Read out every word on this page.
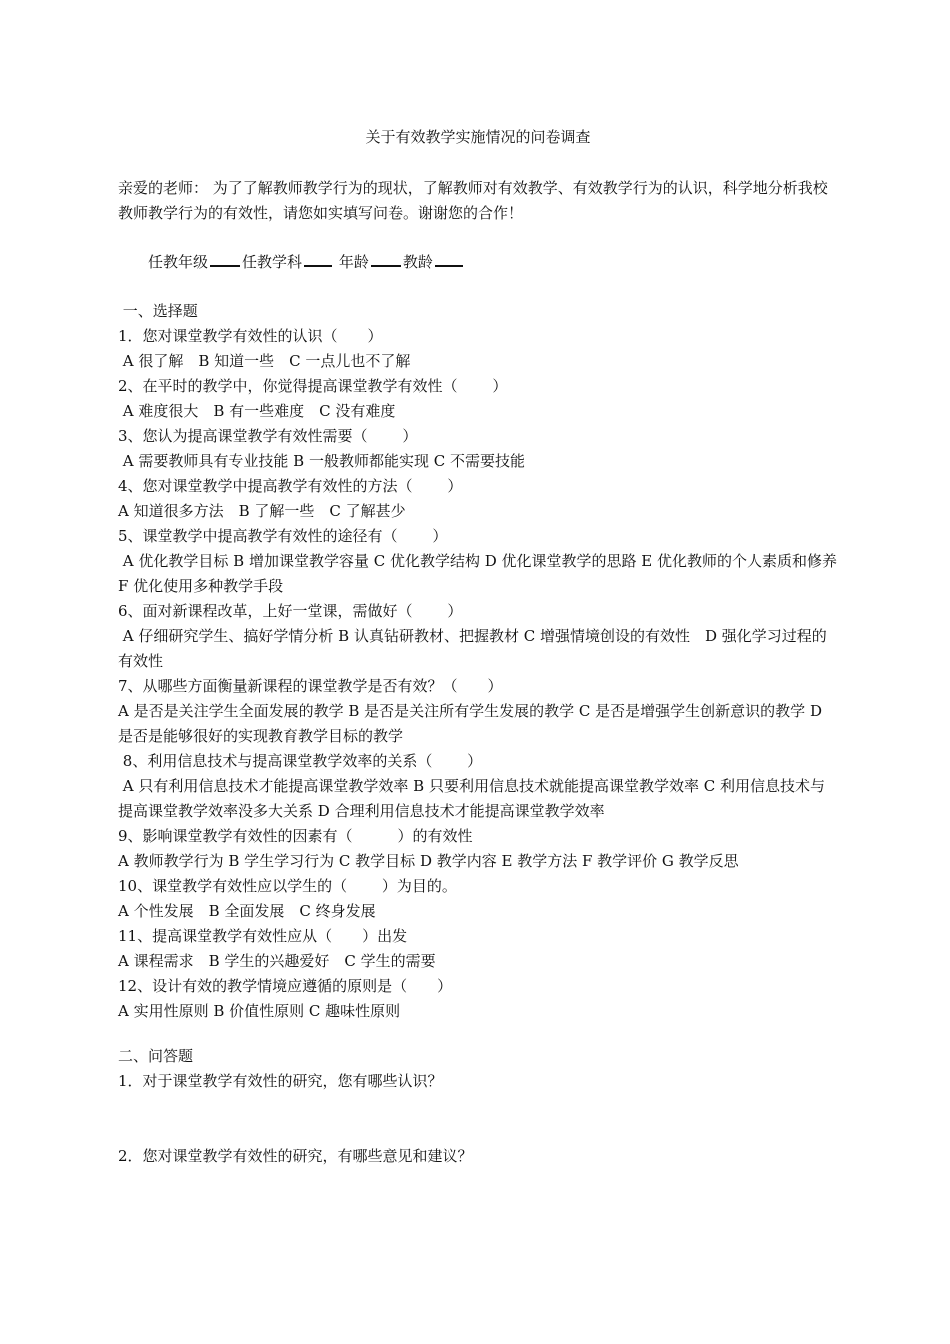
关于有效教学实施情况的问卷调查
亲爱的老师： 为了了解教师教学行为的现状，了解教师对有效教学、有效教学行为的认识，科学地分析我校教师教学行为的有效性，请您如实填写问卷。谢谢您的合作！
任教年级 任教学科 年龄 教龄
一、选择题
1．您对课堂教学有效性的认识（　　）
A 很了解　B 知道一些　C 一点儿也不了解
2、在平时的教学中，你觉得提高课堂教学有效性（　　 ）
A 难度很大　B 有一些难度　C 没有难度
3、您认为提高课堂教学有效性需要（　　 ）
A 需要教师具有专业技能 B 一般教师都能实现 C 不需要技能
4、您对课堂教学中提高教学有效性的方法（　　 ）
A 知道很多方法　B 了解一些　C 了解甚少
5、课堂教学中提高教学有效性的途径有（　　 ）
A 优化教学目标 B 增加课堂教学容量 C 优化教学结构 D 优化课堂教学的思路 E 优化教师的个人素质和修养 F 优化使用多种教学手段
6、面对新课程改革，上好一堂课，需做好（　　 ）
A 仔细研究学生、搞好学情分析 B 认真钻研教材、把握教材 C 增强情境创设的有效性　D 强化学习过程的有效性
7、从哪些方面衡量新课程的课堂教学是否有效？（　　）
A 是否是关注学生全面发展的教学 B 是否是关注所有学生发展的教学 C 是否是增强学生创新意识的教学 D 是否是能够很好的实现教育教学目标的教学
8、利用信息技术与提高课堂教学效率的关系（　　 ）
A 只有利用信息技术才能提高课堂教学效率 B 只要利用信息技术就能提高课堂教学效率 C 利用信息技术与提高课堂教学效率没多大关系 D 合理利用信息技术才能提高课堂教学效率
9、影响课堂教学有效性的因素有（　　　）的有效性
A 教师教学行为 B 学生学习行为 C 教学目标 D 教学内容 E 教学方法 F 教学评价 G 教学反思
10、课堂教学有效性应以学生的（　　 ）为目的。
A 个性发展　B 全面发展　C 终身发展
11、提高课堂教学有效性应从（　　）出发
A 课程需求　B 学生的兴趣爱好　C 学生的需要
12、设计有效的教学情境应遵循的原则是（　　）
A 实用性原则 B 价值性原则 C 趣味性原则
二、问答题
1．对于课堂教学有效性的研究，您有哪些认识？
2．您对课堂教学有效性的研究，有哪些意见和建议？
